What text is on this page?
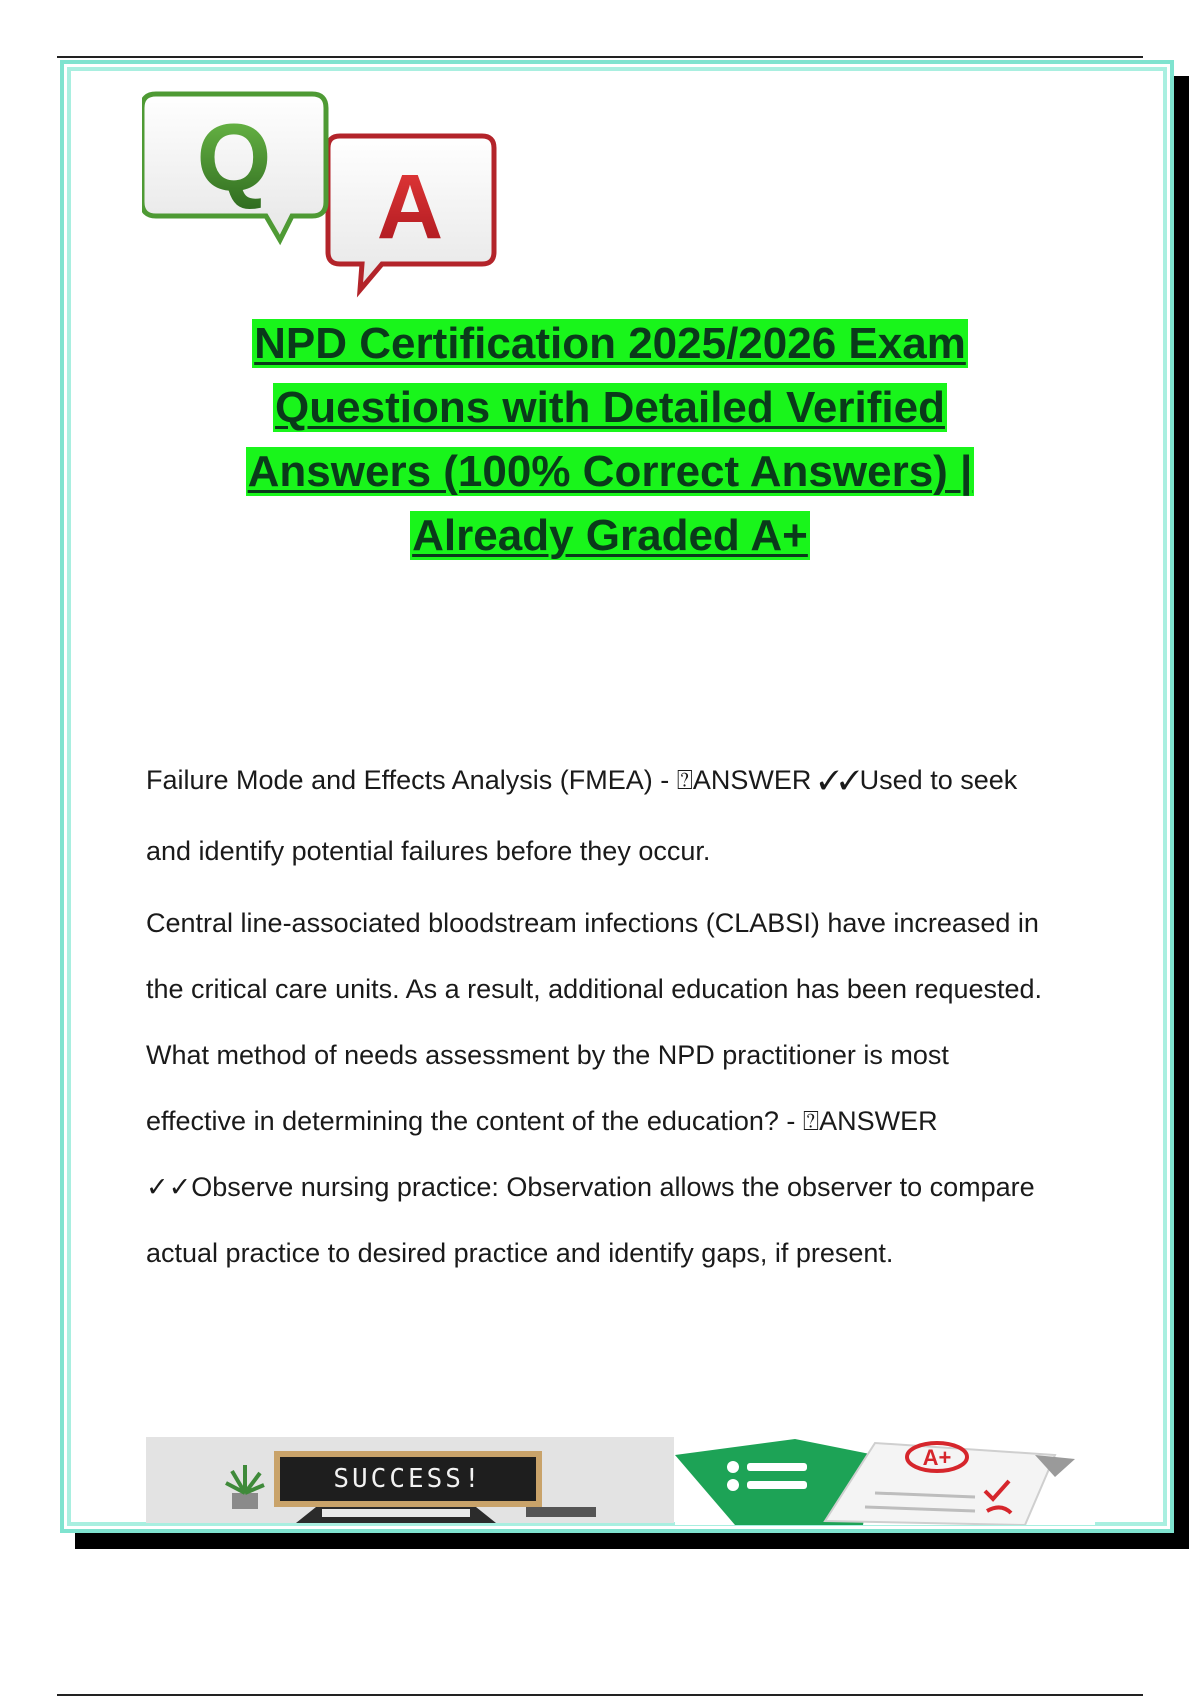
A
Q

NPD Certification 2025/2026 Exam
Questions with Detailed Verified
Answers (100% Correct Answers) |
Already Graded A+

Failure Mode and Effects Analysis (FMEA) - ⍰ANSWER ✓✓Used to seek
and identify potential failures before they occur.

Central line-associated bloodstream infections (CLABSI) have increased in
the critical care units. As a result, additional education has been requested.
What method of needs assessment by the NPD practitioner is most
effective in determining the content of the education? - ⍰ANSWER
✓✓Observe nursing practice: Observation allows the observer to compare
actual practice to desired practice and identify gaps, if present.

SUCCESS!
A+
